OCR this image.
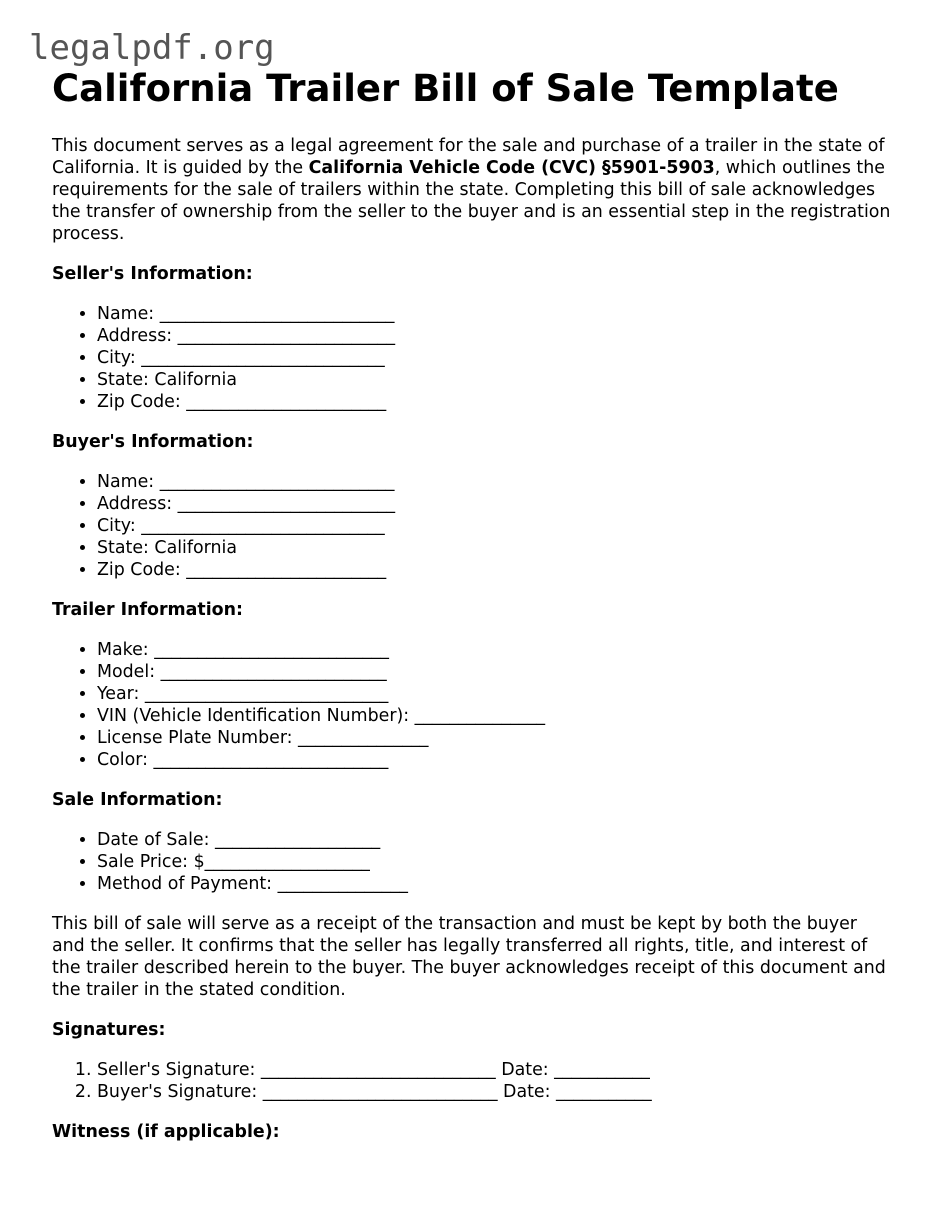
legalpdf.org
California Trailer Bill of Sale Template

This document serves as a legal agreement for the sale and purchase of a trailer in the state of California. It is guided by the California Vehicle Code (CVC) §5901-5903, which outlines the requirements for the sale of trailers within the state. Completing this bill of sale acknowledges the transfer of ownership from the seller to the buyer and is an essential step in the registration process.

Seller's Information:
• Name: ___________________________
• Address: _________________________
• City: ____________________________
• State: California
• Zip Code: _______________________
Buyer's Information:
• Name: ___________________________
• Address: _________________________
• City: ____________________________
• State: California
• Zip Code: _______________________
Trailer Information:
• Make: ___________________________
• Model: __________________________
• Year: ____________________________
• VIN (Vehicle Identification Number): _______________
• License Plate Number: _______________
• Color: ___________________________
Sale Information:
• Date of Sale: ___________________
• Sale Price: $___________________
• Method of Payment: _______________

This bill of sale will serve as a receipt of the transaction and must be kept by both the buyer and the seller. It confirms that the seller has legally transferred all rights, title, and interest of the trailer described herein to the buyer. The buyer acknowledges receipt of this document and the trailer in the stated condition.

Signatures:
1. Seller's Signature: ___________________________ Date: ___________
2. Buyer's Signature: ___________________________ Date: ___________
Witness (if applicable):
